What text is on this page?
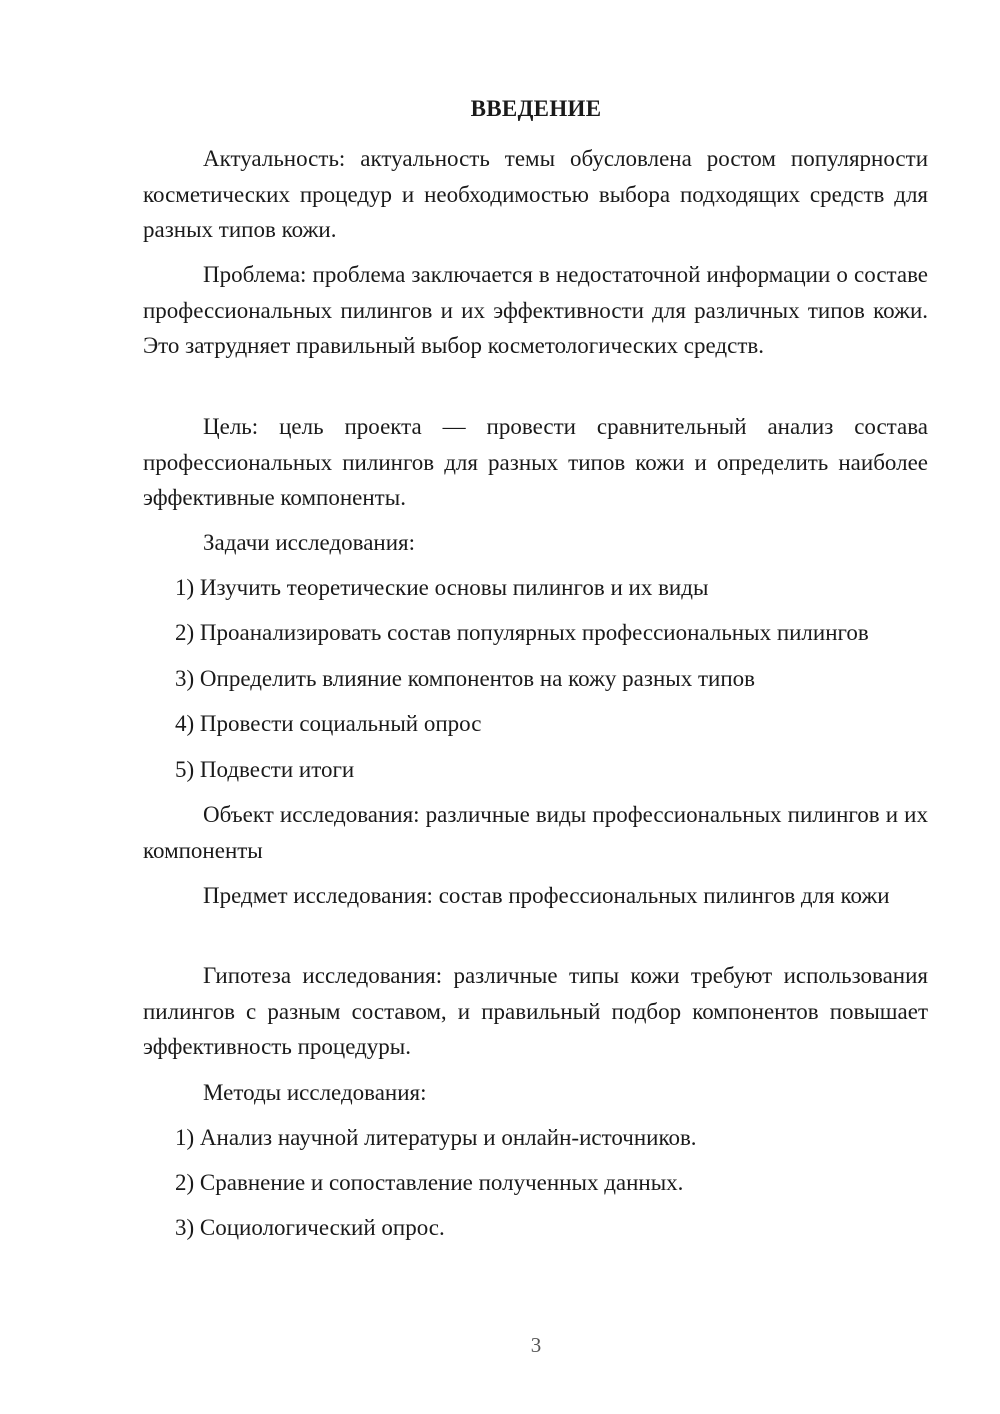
ВВЕДЕНИЕ
Актуальность: актуальность темы обусловлена ростом популярности косметических процедур и необходимостью выбора подходящих средств для разных типов кожи.
Проблема: проблема заключается в недостаточной информации о составе профессиональных пилингов и их эффективности для различных типов кожи. Это затрудняет правильный выбор косметологических средств.
Цель: цель проекта — провести сравнительный анализ состава профессиональных пилингов для разных типов кожи и определить наиболее эффективные компоненты.
Задачи исследования:
1) Изучить теоретические основы пилингов и их виды
2) Проанализировать состав популярных профессиональных пилингов
3) Определить влияние компонентов на кожу разных типов
4) Провести социальный опрос
5) Подвести итоги
Объект исследования: различные виды профессиональных пилингов и их компоненты
Предмет исследования: состав профессиональных пилингов для кожи
Гипотеза исследования: различные типы кожи требуют использования пилингов с разным составом, и правильный подбор компонентов повышает эффективность процедуры.
Методы исследования:
1) Анализ научной литературы и онлайн-источников.
2) Сравнение и сопоставление полученных данных.
3) Социологический опрос.
3
